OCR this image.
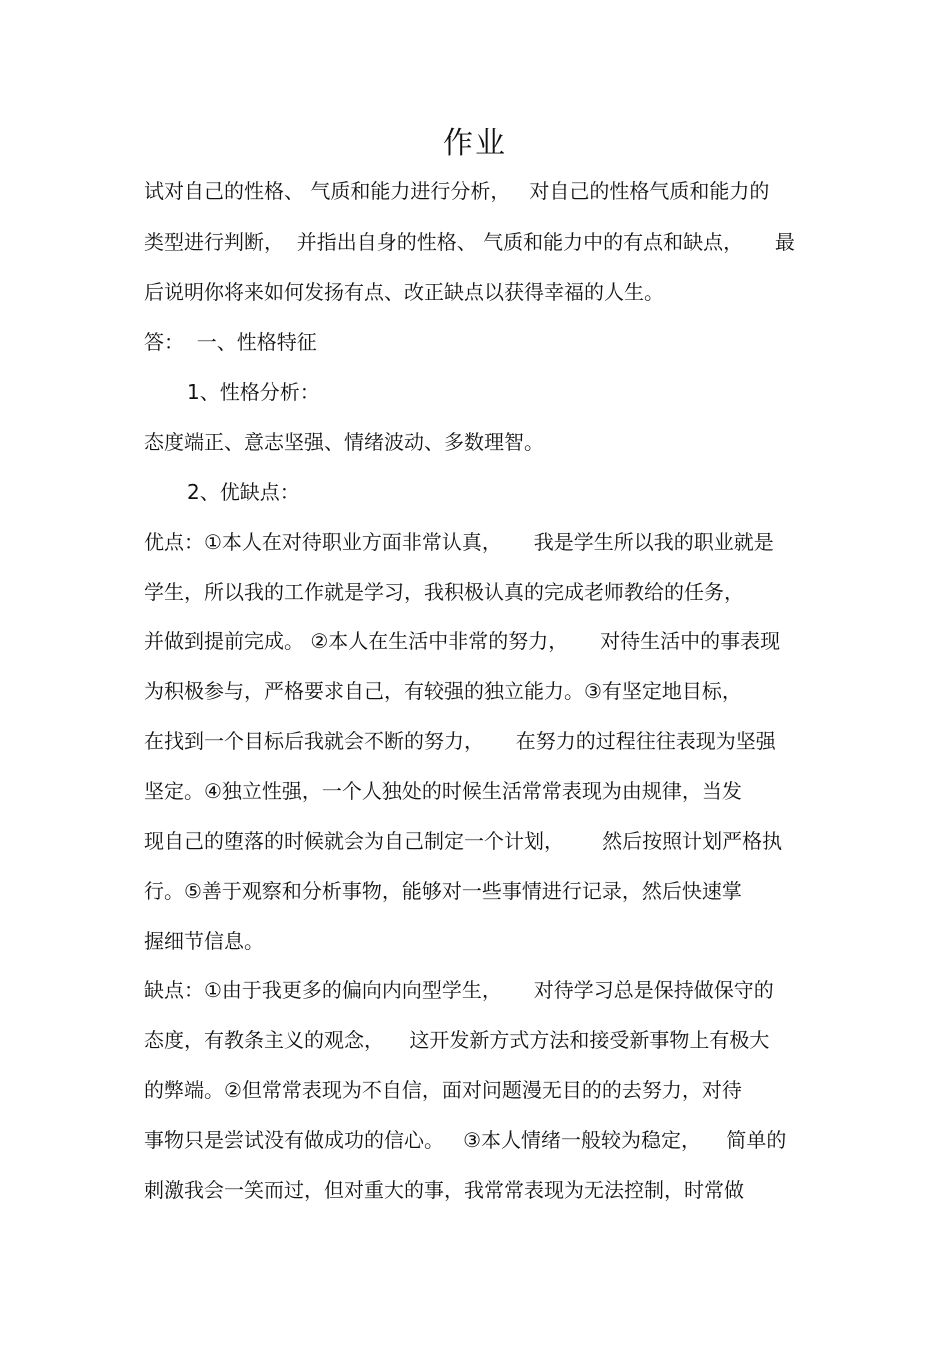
作业
试对自己的性格、 气质和能力进行分析，   对自己的性格气质和能力的
类型进行判断，  并指出自身的性格、 气质和能力中的有点和缺点，     最
后说明你将来如何发扬有点、改正缺点以获得幸福的人生。
答：  一、性格特征
1、性格分析：
态度端正、意志坚强、情绪波动、多数理智。
2、优缺点：
优点：①本人在对待职业方面非常认真，     我是学生所以我的职业就是
学生，所以我的工作就是学习，我积极认真的完成老师教给的任务，
并做到提前完成。 ②本人在生活中非常的努力，     对待生活中的事表现
为积极参与，严格要求自己，有较强的独立能力。③有坚定地目标，
在找到一个目标后我就会不断的努力，     在努力的过程往往表现为坚强
坚定。④独立性强，一个人独处的时候生活常常表现为由规律，当发
现自己的堕落的时候就会为自己制定一个计划，      然后按照计划严格执
行。⑤善于观察和分析事物，能够对一些事情进行记录，然后快速掌
握细节信息。
缺点：①由于我更多的偏向内向型学生，     对待学习总是保持做保守的
态度，有教条主义的观念，    这开发新方式方法和接受新事物上有极大
的弊端。②但常常表现为不自信，面对问题漫无目的的去努力，对待
事物只是尝试没有做成功的信心。   ③本人情绪一般较为稳定，    简单的
刺激我会一笑而过，但对重大的事，我常常表现为无法控制，时常做
